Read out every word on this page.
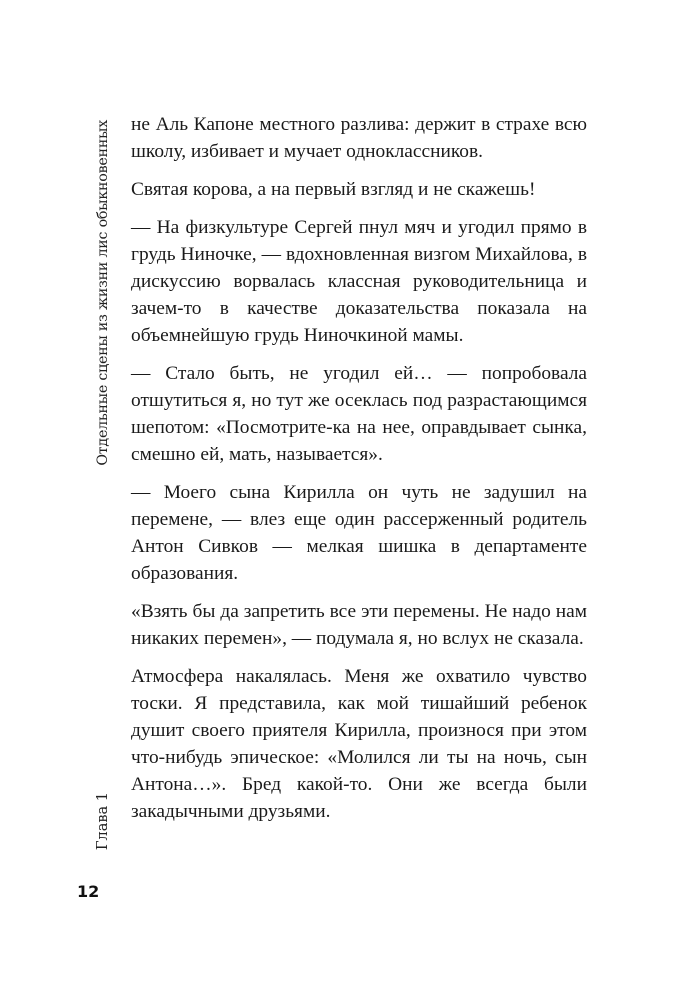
Отдельные сцены из жизни лис обыкновенных
Глава 1
12

не Аль Капоне местного разлива: держит в страхе всю школу, избивает и мучает одноклассников.

Святая корова, а на первый взгляд и не скажешь!

— На физкультуре Сергей пнул мяч и угодил прямо в грудь Ниночке, — вдохновленная визгом Михайлова, в дискуссию ворвалась классная руководительница и зачем-то в качестве доказательства показала на объемнейшую грудь Ниночкиной мамы.

— Стало быть, не угодил ей… — попробовала отшутиться я, но тут же осеклась под разрастающимся шепотом: «Посмотрите-ка на нее, оправдывает сынка, смешно ей, мать, называется».

— Моего сына Кирилла он чуть не задушил на перемене, — влез еще один рассерженный родитель Антон Сивков — мелкая шишка в департаменте образования.

«Взять бы да запретить все эти перемены. Не надо нам никаких перемен», — подумала я, но вслух не сказала.

Атмосфера накалялась. Меня же охватило чувство тоски. Я представила, как мой тишайший ребенок душит своего приятеля Кирилла, произнося при этом что-нибудь эпическое: «Молился ли ты на ночь, сын Антона…». Бред какой-то. Они же всегда были закадычными друзьями.
